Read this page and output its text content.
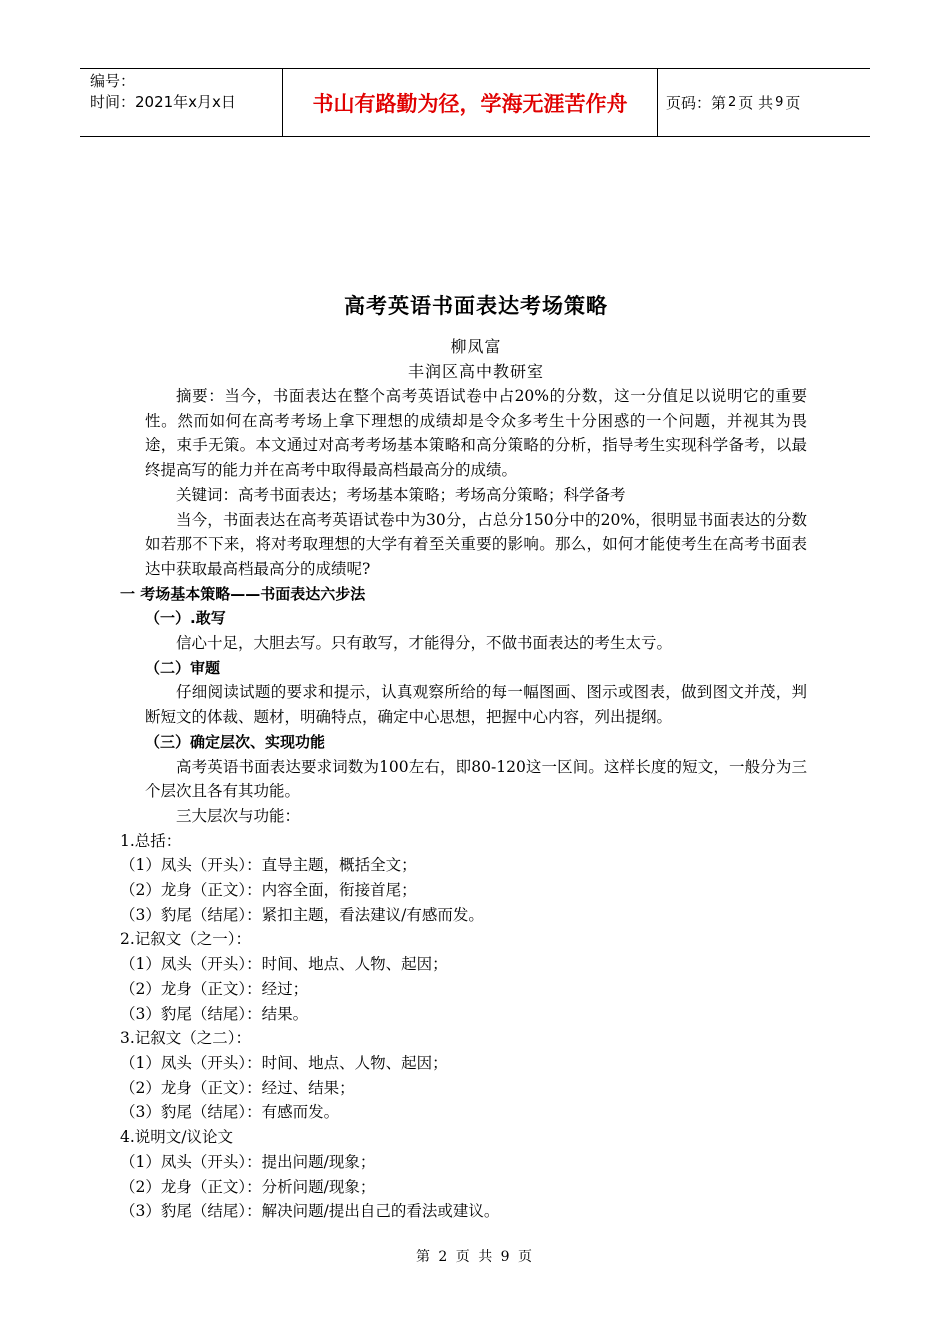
编号：
时间：2021年x月x日	书山有路勤为径，学海无涯苦作舟	页码：第 2 页 共 9 页
高考英语书面表达考场策略
柳凤富
丰润区高中教研室

摘要：当今，书面表达在整个高考英语试卷中占20%的分数，这一分值足以说明它的重要性。然而如何在高考考场上拿下理想的成绩却是令众多考生十分困惑的一个问题，并视其为畏途，束手无策。本文通过对高考考场基本策略和高分策略的分析，指导考生实现科学备考，以最终提高写的能力并在高考中取得最高档最高分的成绩。

关键词：高考书面表达；考场基本策略；考场高分策略；科学备考

当今，书面表达在高考英语试卷中为30分，占总分150分中的20%，很明显书面表达的分数如若那不下来，将对考取理想的大学有着至关重要的影响。那么，如何才能使考生在高考书面表达中获取最高档最高分的成绩呢?

一 考场基本策略——书面表达六步法
（一）.敢写

信心十足，大胆去写。只有敢写，才能得分，不做书面表达的考生太亏。

（二）审题

仔细阅读试题的要求和提示，认真观察所给的每一幅图画、图示或图表，做到图文并茂，判断短文的体裁、题材，明确特点，确定中心思想，把握中心内容，列出提纲。

（三）确定层次、实现功能

高考英语书面表达要求词数为100左右，即80-120这一区间。这样长度的短文，一般分为三个层次且各有其功能。

三大层次与功能：

1.总括：
（1）凤头（开头）：直导主题，概括全文；
（2）龙身（正文）：内容全面，衔接首尾；
（3）豹尾（结尾）：紧扣主题，看法建议/有感而发。
2.记叙文（之一）：
（1）凤头（开头）：时间、地点、人物、起因；
（2）龙身（正文）：经过；
（3）豹尾（结尾）：结果。
3.记叙文（之二）：
（1）凤头（开头）：时间、地点、人物、起因；
（2）龙身（正文）：经过、结果；
（3）豹尾（结尾）：有感而发。
4.说明文/议论文
（1）凤头（开头）：提出问题/现象；
（2）龙身（正文）：分析问题/现象；
（3）豹尾（结尾）：解决问题/提出自己的看法或建议。
第 2 页 共 9 页
